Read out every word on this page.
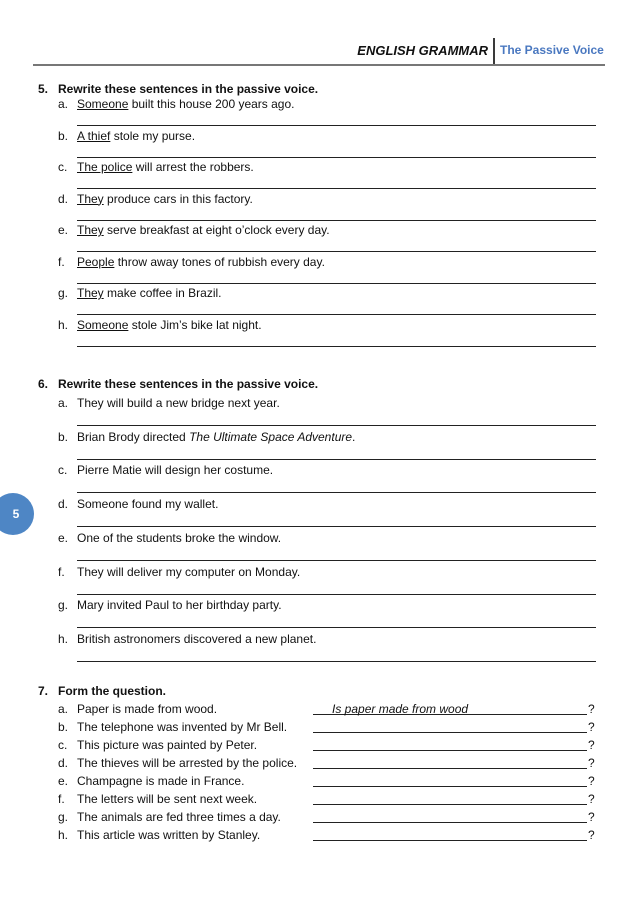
ENGLISH GRAMMAR The Passive Voice
5
5. Rewrite these sentences in the passive voice.
a. Someone built this house 200 years ago.
b. A thief stole my purse.
c. The police will arrest the robbers.
d. They produce cars in this factory.
e. They serve breakfast at eight o’clock every day.
f. People throw away tones of rubbish every day.
g. They make coffee in Brazil.
h. Someone stole Jim’s bike lat night.
6. Rewrite these sentences in the passive voice.
a. They will build a new bridge next year.
b. Brian Brody directed The Ultimate Space Adventure.
c. Pierre Matie will design her costume.
d. Someone found my wallet.
e. One of the students broke the window.
f. They will deliver my computer on Monday.
g. Mary invited Paul to her birthday party.
h. British astronomers discovered a new planet.
7. Form the question.
a. Paper is made from wood.	Is paper made from wood	?
b. The telephone was invented by Mr Bell.	?
c. This picture was painted by Peter.	?
d. The thieves will be arrested by the police.	?
e. Champagne is made in France.	?
f. The letters will be sent next week.	?
g. The animals are fed three times a day.	?
h. This article was written by Stanley.	?
